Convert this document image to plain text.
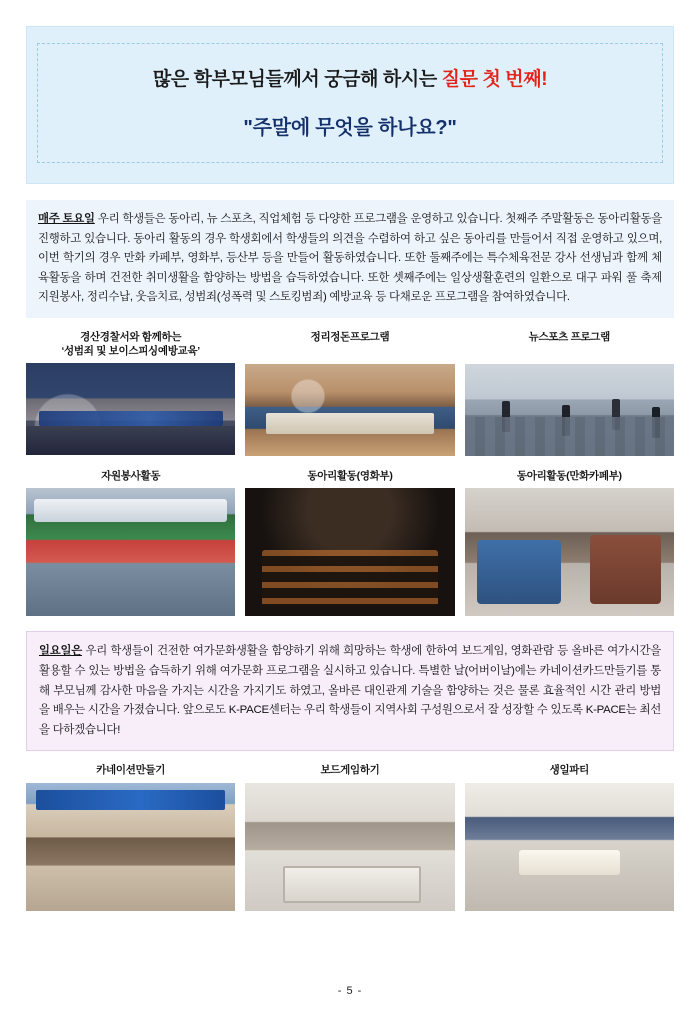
많은 학부모님들께서 궁금해 하시는 질문 첫 번째!
"주말에 무엇을 하나요?"
매주 토요일 우리 학생들은 동아리, 뉴 스포츠, 직업체험 등 다양한 프로그램을 운영하고 있습니다. 첫째주 주말활동은 동아리활동을 진행하고 있습니다. 동아리 활동의 경우 학생회에서 학생들의 의견을 수렴하여 하고 싶은 동아리를 만들어서 직접 운영하고 있으며, 이번 학기의 경우 만화 카페부, 영화부, 등산부 등을 만들어 활동하였습니다. 또한 둘째주에는 특수체육전문 강사 선생님과 함께 체육활동을 하며 건전한 취미생활을 함양하는 방법을 습득하였습니다. 또한 셋째주에는 일상생활훈련의 일환으로 대구 파워 풀 축제 지원봉사, 정리수납, 웃음치료, 성범죄(성폭력 및 스토킹범죄) 예방교육 등 다채로운 프로그램을 참여하였습니다.
경산경찰서와 함께하는
‘성범죄 및 보이스피싱예방교육’
정리정돈프로그램	뉴스포츠 프로그램
자원봉사활동	동아리활동(영화부)	동아리활동(만화카페부)
일요일은 우리 학생들이 건전한 여가문화생활을 함양하기 위해 희망하는 학생에 한하여 보드게임, 영화관람 등 올바른 여가시간을 활용할 수 있는 방법을 습득하기 위해 여가문화 프로그램을 실시하고 있습니다. 특별한 날(어버이날)에는 카네이션카드만들기를 통해 부모님께 감사한 마음을 가지는 시간을 가지기도 하였고, 올바른 대인관계 기술을 함양하는 것은 물론 효율적인 시간 관리 방법을 배우는 시간을 가졌습니다. 앞으로도 K-PACE센터는 우리 학생들이 지역사회 구성원으로서 잘 성장할 수 있도록 K-PACE는 최선을 다하겠습니다!
카네이션만들기	보드게임하기	생일파티
- 5 -
